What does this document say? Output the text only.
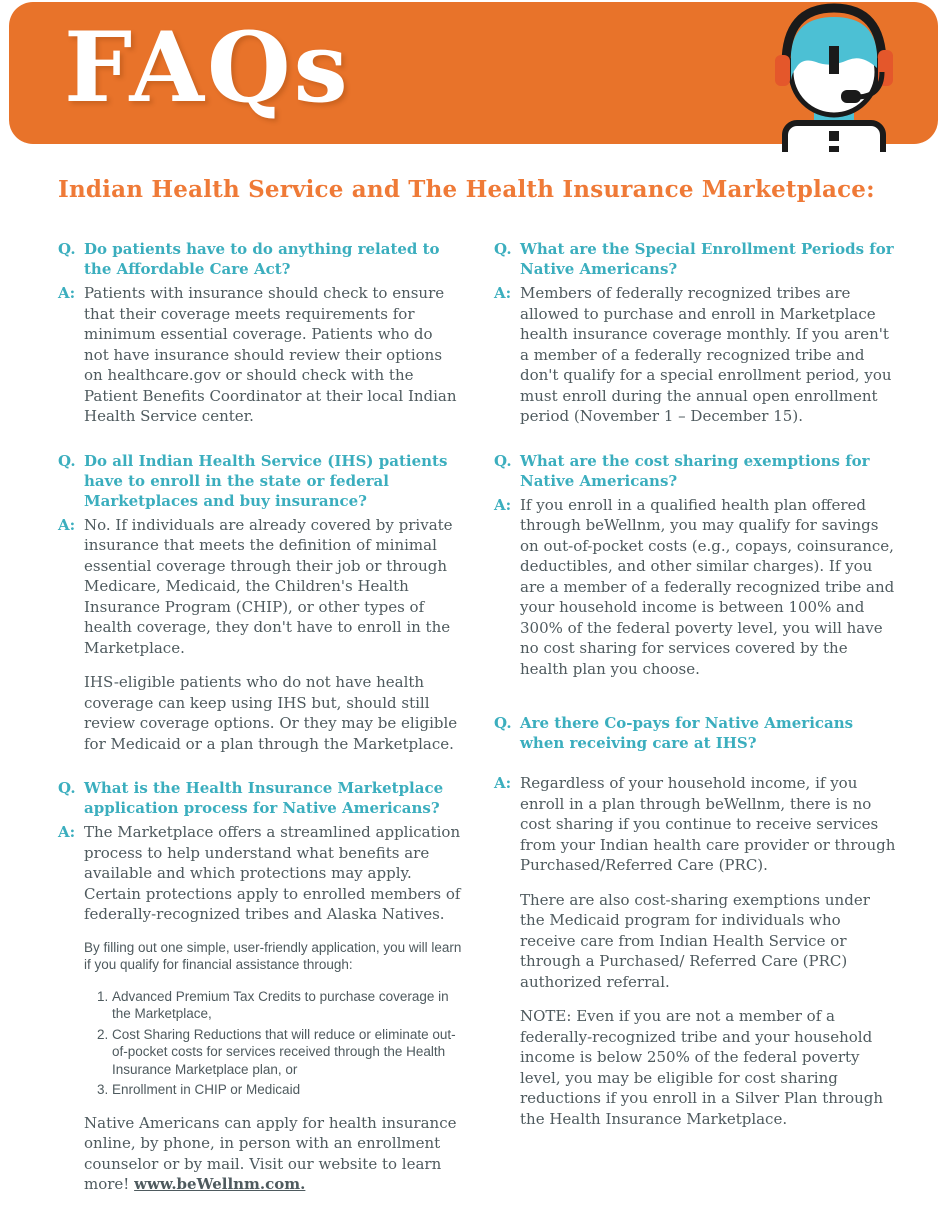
FAQs
Indian Health Service and The Health Insurance Marketplace:
Q. Do patients have to do anything related to the Affordable Care Act?
A: Patients with insurance should check to ensure that their coverage meets requirements for minimum essential coverage. Patients who do not have insurance should review their options on healthcare.gov or should check with the Patient Benefits Coordinator at their local Indian Health Service center.

Q. Do all Indian Health Service (IHS) patients have to enroll in the state or federal Marketplaces and buy insurance?
A: No. If individuals are already covered by private insurance that meets the definition of minimal essential coverage through their job or through Medicare, Medicaid, the Children's Health Insurance Program (CHIP), or other types of health coverage, they don't have to enroll in the Marketplace.

IHS-eligible patients who do not have health coverage can keep using IHS but, should still review coverage options. Or they may be eligible for Medicaid or a plan through the Marketplace.

Q. What is the Health Insurance Marketplace application process for Native Americans?
A: The Marketplace offers a streamlined application process to help understand what benefits are available and which protections may apply. Certain protections apply to enrolled members of federally-recognized tribes and Alaska Natives.

By filling out one simple, user-friendly application, you will learn if you qualify for financial assistance through:

1. Advanced Premium Tax Credits to purchase coverage in the Marketplace,
2. Cost Sharing Reductions that will reduce or eliminate out-of-pocket costs for services received through the Health Insurance Marketplace plan, or
3. Enrollment in CHIP or Medicaid

Native Americans can apply for health insurance online, by phone, in person with an enrollment counselor or by mail. Visit our website to learn more! www.beWellnm.com.

Q. What are the Special Enrollment Periods for Native Americans?
A: Members of federally recognized tribes are allowed to purchase and enroll in Marketplace health insurance coverage monthly. If you aren't a member of a federally recognized tribe and don't qualify for a special enrollment period, you must enroll during the annual open enrollment period (November 1 – December 15).

Q. What are the cost sharing exemptions for Native Americans?
A: If you enroll in a qualified health plan offered through beWellnm, you may qualify for savings on out-of-pocket costs (e.g., copays, coinsurance, deductibles, and other similar charges). If you are a member of a federally recognized tribe and your household income is between 100% and 300% of the federal poverty level, you will have no cost sharing for services covered by the health plan you choose.

Q. Are there Co-pays for Native Americans when receiving care at IHS?
A: Regardless of your household income, if you enroll in a plan through beWellnm, there is no cost sharing if you continue to receive services from your Indian health care provider or through Purchased/Referred Care (PRC).

There are also cost-sharing exemptions under the Medicaid program for individuals who receive care from Indian Health Service or through a Purchased/ Referred Care (PRC) authorized referral.

NOTE: Even if you are not a member of a federally-recognized tribe and your household income is below 250% of the federal poverty level, you may be eligible for cost sharing reductions if you enroll in a Silver Plan through the Health Insurance Marketplace.
